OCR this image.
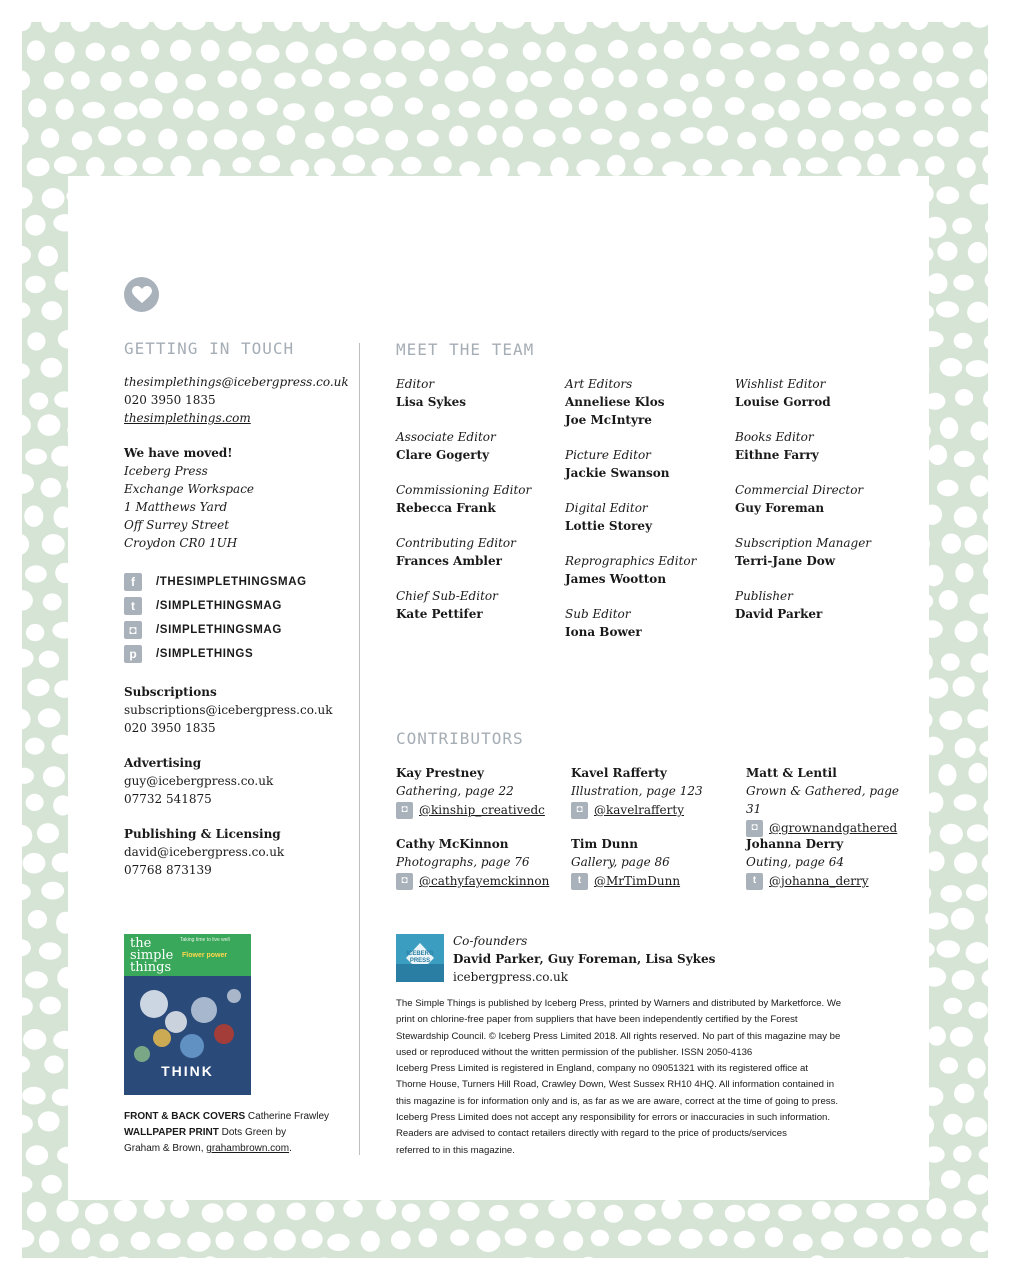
GETTING IN TOUCH
thesimplethings@icebergpress.co.uk
020 3950 1835
thesimplethings.com
We have moved!
Iceberg Press
Exchange Workspace
1 Matthews Yard
Off Surrey Street
Croydon CR0 1UH
f	/THESIMPLETHINGSMAG
t	/SIMPLETHINGSMAG
◘	/SIMPLETHINGSMAG
p	/SIMPLETHINGS
Subscriptions
subscriptions@icebergpress.co.uk
020 3950 1835
Advertising
guy@icebergpress.co.uk
07732 541875
Publishing & Licensing
david@icebergpress.co.uk
07768 873139
the simple things
Taking time to live well
Flower power
THINK
FRONT & BACK COVERS Catherine Frawley
WALLPAPER PRINT Dots Green by
Graham & Brown, grahambrown.com.
MEET THE TEAM
Editor
Lisa Sykes
Associate Editor
Clare Gogerty
Commissioning Editor
Rebecca Frank
Contributing Editor
Frances Ambler
Chief Sub-Editor
Kate Pettifer
Art Editors
Anneliese Klos
Joe McIntyre
Picture Editor
Jackie Swanson
Digital Editor
Lottie Storey
Reprographics Editor
James Wootton
Sub Editor
Iona Bower
Wishlist Editor
Louise Gorrod
Books Editor
Eithne Farry
Commercial Director
Guy Foreman
Subscription Manager
Terri-Jane Dow
Publisher
David Parker
CONTRIBUTORS
Kay Prestney
Gathering, page 22
◘ @kinship_creativedc
Kavel Rafferty
Illustration, page 123
◘ @kavelrafferty
Matt & Lentil
Grown & Gathered, page 31
◘ @grownandgathered
Cathy McKinnon
Photographs, page 76
◘ @cathyfayemckinnon
Tim Dunn
Gallery, page 86
t	@MrTimDunn
Johanna Derry
Outing, page 64
t	@johanna_derry
ICEBERG PRESS
Co-founders
David Parker, Guy Foreman, Lisa Sykes
icebergpress.co.uk
The Simple Things is published by Iceberg Press, printed by Warners and distributed by Marketforce. We
print on chlorine-free paper from suppliers that have been independently certified by the Forest
Stewardship Council. © Iceberg Press Limited 2018. All rights reserved. No part of this magazine may be
used or reproduced without the written permission of the publisher. ISSN 2050-4136
Iceberg Press Limited is registered in England, company no 09051321 with its registered office at
Thorne House, Turners Hill Road, Crawley Down, West Sussex RH10 4HQ. All information contained in
this magazine is for information only and is, as far as we are aware, correct at the time of going to press.
Iceberg Press Limited does not accept any responsibility for errors or inaccuracies in such information.
Readers are advised to contact retailers directly with regard to the price of products/services
referred to in this magazine.
